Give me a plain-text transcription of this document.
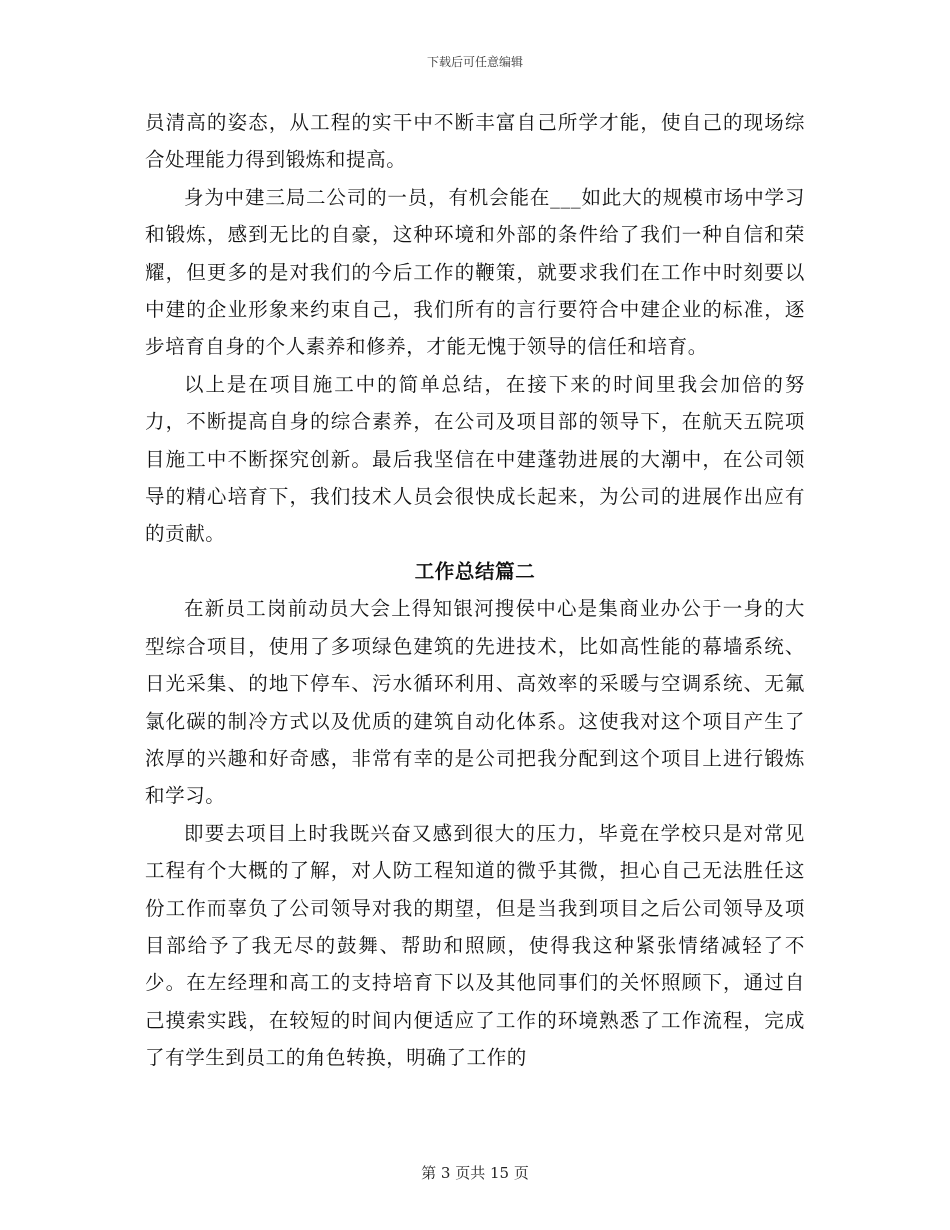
下载后可任意编辑

员清高的姿态，从工程的实干中不断丰富自己所学才能，使自己的现场综合处理能力得到锻炼和提高。

身为中建三局二公司的一员，有机会能在___如此大的规模市场中学习和锻炼，感到无比的自豪，这种环境和外部的条件给了我们一种自信和荣耀，但更多的是对我们的今后工作的鞭策，就要求我们在工作中时刻要以中建的企业形象来约束自己，我们所有的言行要符合中建企业的标准，逐步培育自身的个人素养和修养，才能无愧于领导的信任和培育。

以上是在项目施工中的简单总结，在接下来的时间里我会加倍的努力，不断提高自身的综合素养，在公司及项目部的领导下，在航天五院项目施工中不断探究创新。最后我坚信在中建蓬勃进展的大潮中，在公司领导的精心培育下，我们技术人员会很快成长起来，为公司的进展作出应有的贡献。

工作总结篇二

在新员工岗前动员大会上得知银河搜侯中心是集商业办公于一身的大型综合项目，使用了多项绿色建筑的先进技术，比如高性能的幕墙系统、日光采集、的地下停车、污水循环利用、高效率的采暖与空调系统、无氟氯化碳的制冷方式以及优质的建筑自动化体系。这使我对这个项目产生了浓厚的兴趣和好奇感，非常有幸的是公司把我分配到这个项目上进行锻炼和学习。

即要去项目上时我既兴奋又感到很大的压力，毕竟在学校只是对常见工程有个大概的了解，对人防工程知道的微乎其微，担心自己无法胜任这份工作而辜负了公司领导对我的期望，但是当我到项目之后公司领导及项目部给予了我无尽的鼓舞、帮助和照顾，使得我这种紧张情绪减轻了不少。在左经理和高工的支持培育下以及其他同事们的关怀照顾下，通过自己摸索实践，在较短的时间内便适应了工作的环境熟悉了工作流程，完成了有学生到员工的角色转换，明确了工作的

第 3 页共 15 页
